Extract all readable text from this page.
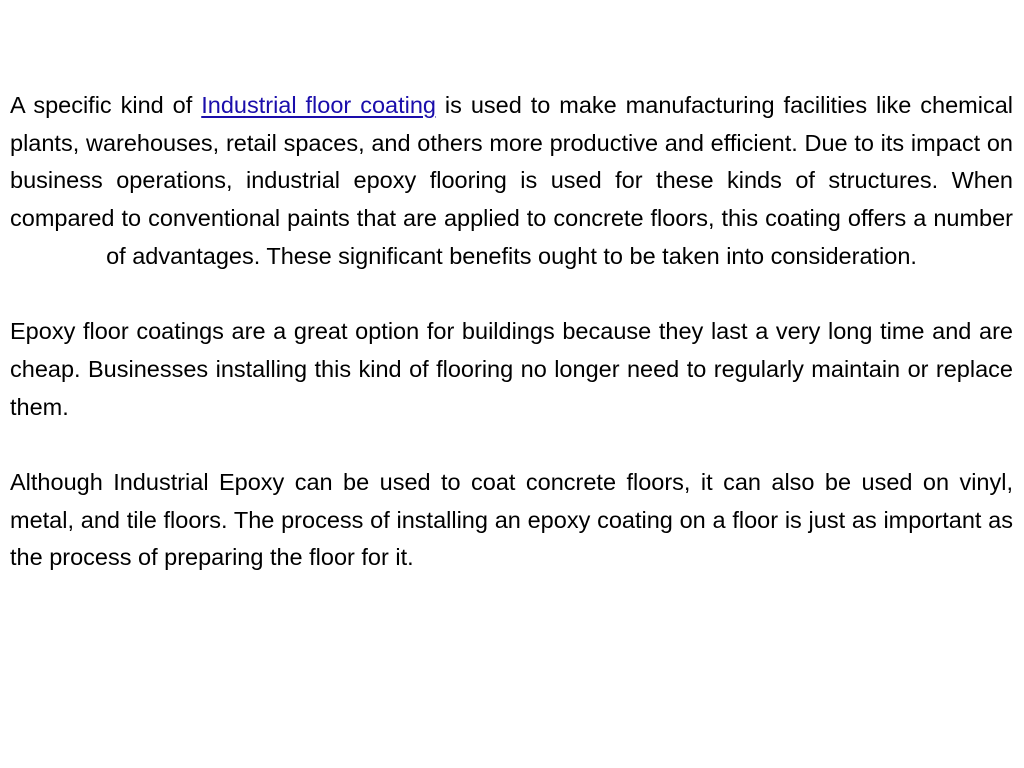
A specific kind of Industrial floor coating is used to make manufacturing facilities like chemical plants, warehouses, retail spaces, and others more productive and efficient. Due to its impact on business operations, industrial epoxy flooring is used for these kinds of structures. When compared to conventional paints that are applied to concrete floors, this coating offers a number of advantages. These significant benefits ought to be taken into consideration.

Epoxy floor coatings are a great option for buildings because they last a very long time and are cheap. Businesses installing this kind of flooring no longer need to regularly maintain or replace them.

Although Industrial Epoxy can be used to coat concrete floors, it can also be used on vinyl, metal, and tile floors. The process of installing an epoxy coating on a floor is just as important as the process of preparing the floor for it.
